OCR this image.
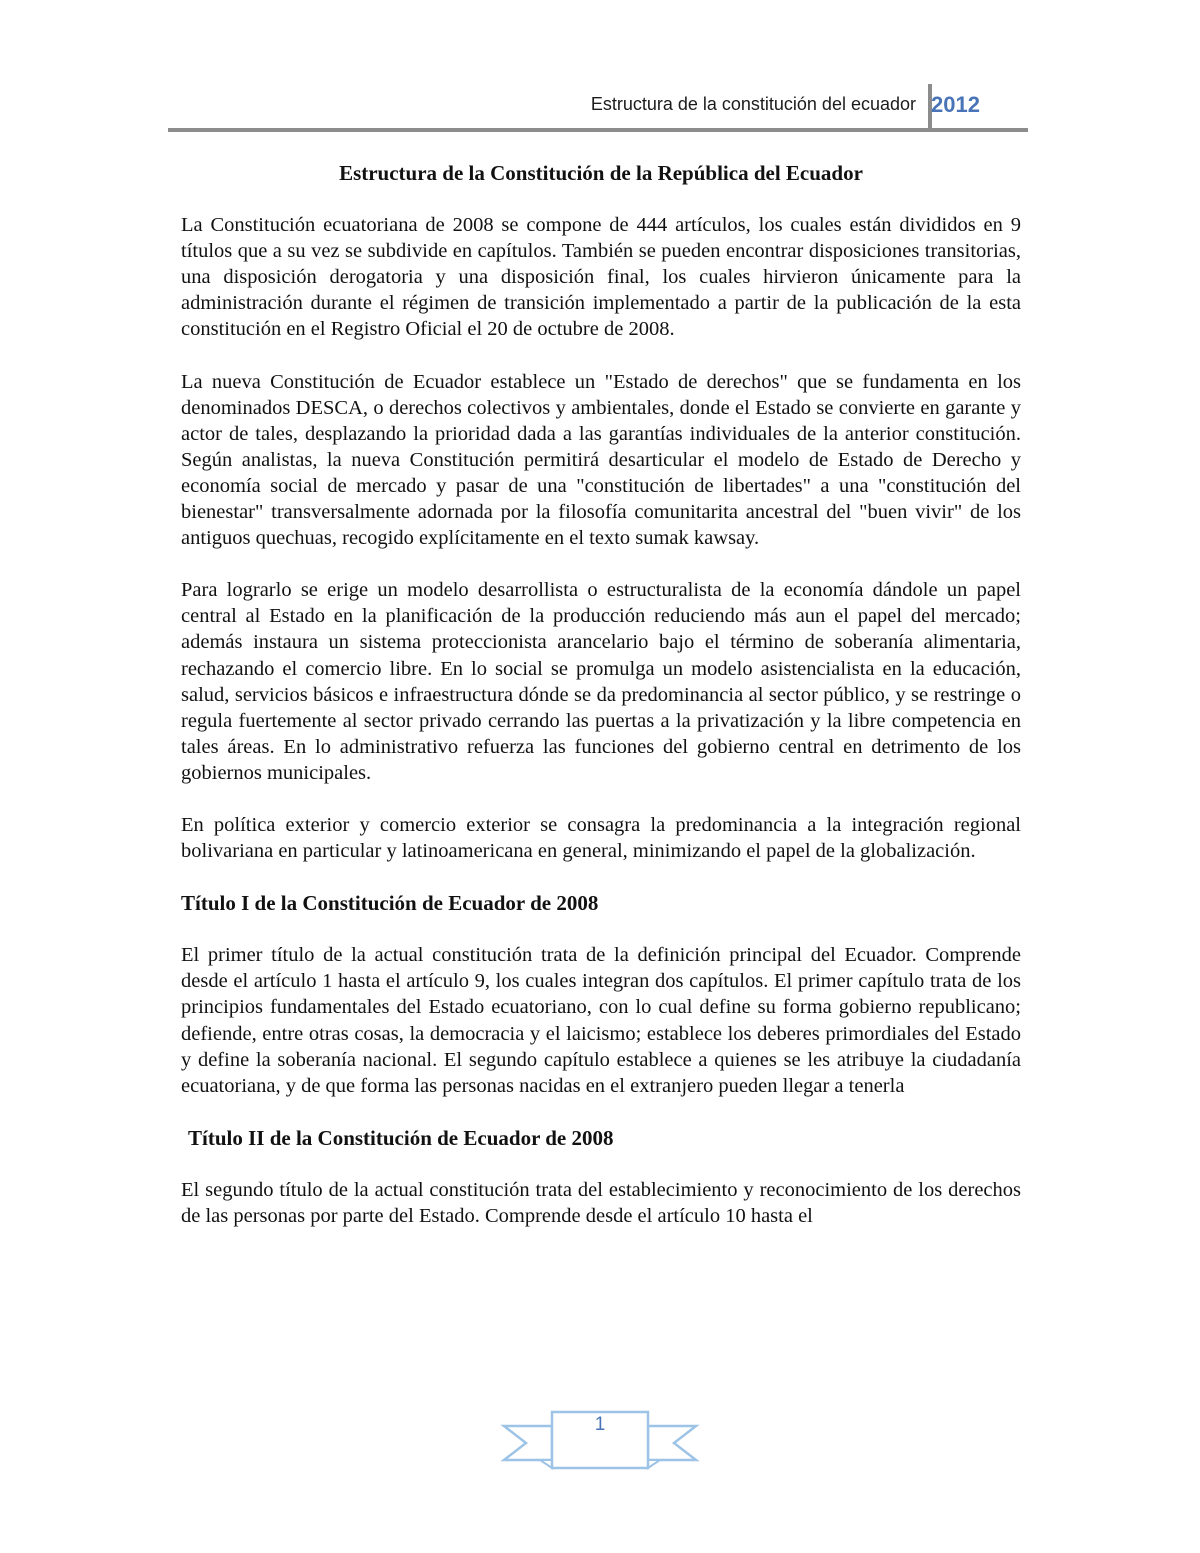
Estructura de la constitución del ecuador 2012
Estructura de la Constitución de la República del Ecuador

La Constitución ecuatoriana de 2008 se compone de 444 artículos, los cuales están divididos en 9 títulos que a su vez se subdivide en capítulos. También se pueden encontrar disposiciones transitorias, una disposición derogatoria y una disposición final, los cuales hirvieron únicamente para la administración durante el régimen de transición implementado a partir de la publicación de la esta constitución en el Registro Oficial el 20 de octubre de 2008.

La nueva Constitución de Ecuador establece un "Estado de derechos" que se fundamenta en los denominados DESCA, o derechos colectivos y ambientales, donde el Estado se convierte en garante y actor de tales, desplazando la prioridad dada a las garantías individuales de la anterior constitución. Según analistas, la nueva Constitución permitirá desarticular el modelo de Estado de Derecho y economía social de mercado y pasar de una "constitución de libertades" a una "constitución del bienestar" transversalmente adornada por la filosofía comunitarita ancestral del "buen vivir" de los antiguos quechuas, recogido explícitamente en el texto sumak kawsay.

Para lograrlo se erige un modelo desarrollista o estructuralista de la economía dándole un papel central al Estado en la planificación de la producción reduciendo más aun el papel del mercado; además instaura un sistema proteccionista arancelario bajo el término de soberanía alimentaria, rechazando el comercio libre. En lo social se promulga un modelo asistencialista en la educación, salud, servicios básicos e infraestructura dónde se da predominancia al sector público, y se restringe o regula fuertemente al sector privado cerrando las puertas a la privatización y la libre competencia en tales áreas. En lo administrativo refuerza las funciones del gobierno central en detrimento de los gobiernos municipales.

En política exterior y comercio exterior se consagra la predominancia a la integración regional bolivariana en particular y latinoamericana en general, minimizando el papel de la globalización.

Título I de la Constitución de Ecuador de 2008

El primer título de la actual constitución trata de la definición principal del Ecuador. Comprende desde el artículo 1 hasta el artículo 9, los cuales integran dos capítulos. El primer capítulo trata de los principios fundamentales del Estado ecuatoriano, con lo cual define su forma gobierno republicano; defiende, entre otras cosas, la democracia y el laicismo; establece los deberes primordiales del Estado y define la soberanía nacional. El segundo capítulo establece a quienes se les atribuye la ciudadanía ecuatoriana, y de que forma las personas nacidas en el extranjero pueden llegar a tenerla

Título II de la Constitución de Ecuador de 2008

El segundo título de la actual constitución trata del establecimiento y reconocimiento de los derechos de las personas por parte del Estado. Comprende desde el artículo 10 hasta el

1
